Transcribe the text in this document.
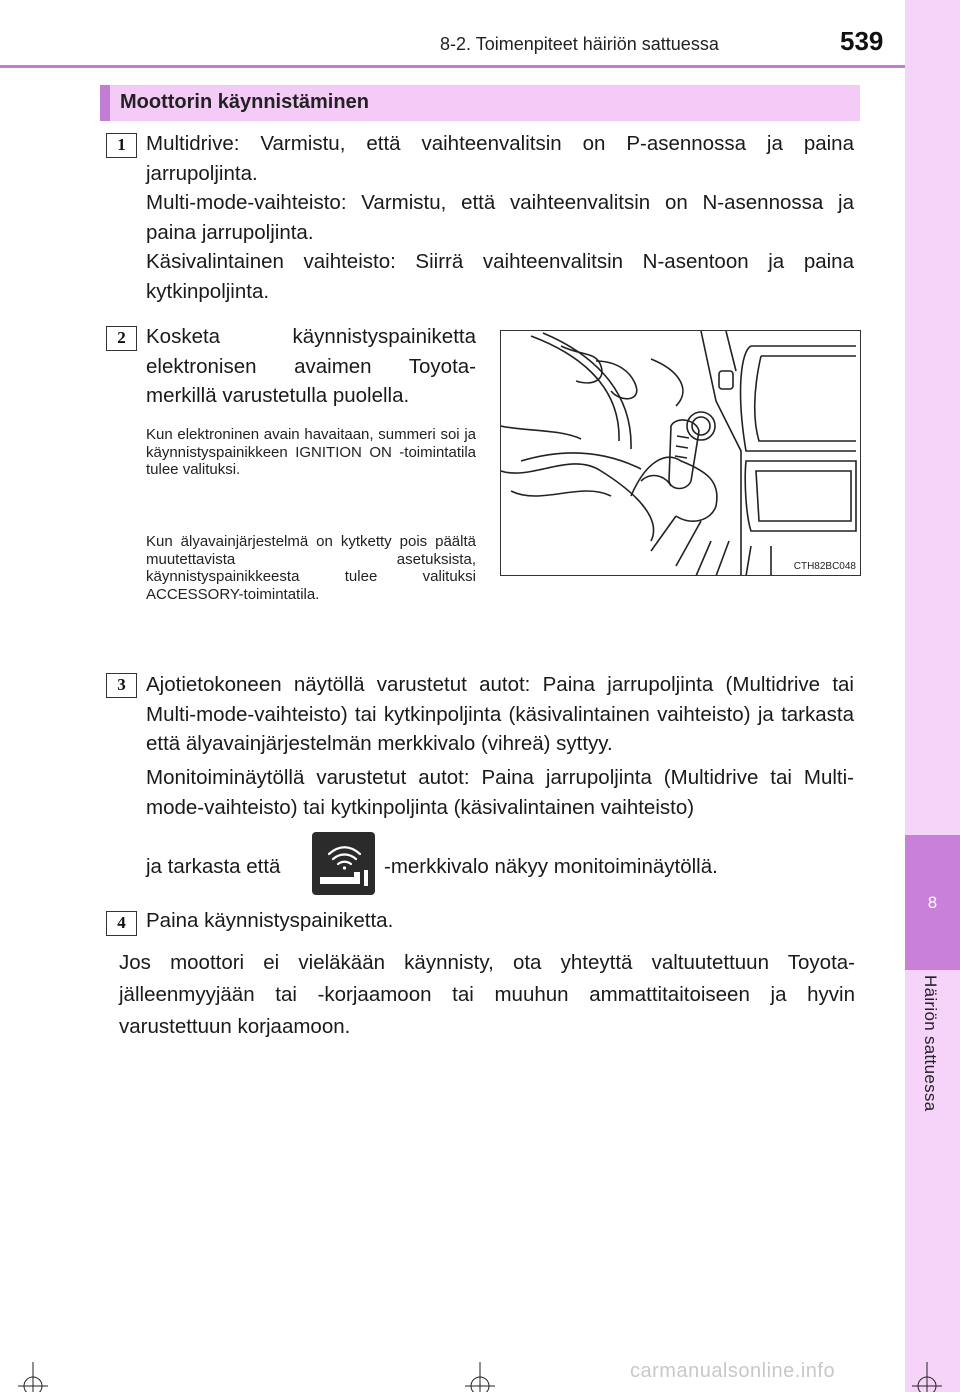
8-2. Toimenpiteet häiriön sattuessa	539
8
Häiriön sattuessa
Moottorin käynnistäminen
1 Multidrive: Varmistu, että vaihteenvalitsin on P-asennossa ja paina jarrupoljinta.

Multi-mode-vaihteisto: Varmistu, että vaihteenvalitsin on N-asennossa ja paina jarrupoljinta.

Käsivalintainen vaihteisto: Siirrä vaihteenvalitsin N-asentoon ja paina kytkinpoljinta.

2 Kosketa käynnistyspainiketta elektronisen avaimen Toyota-merkillä varustetulla puolella.
Kun elektroninen avain havaitaan, summeri soi ja käynnistyspainikkeen IGNITION ON -toimintatila tulee valituksi.
Kun älyavainjärjestelmä on kytketty pois päältä muutettavista asetuksista, käynnistyspainikkeesta tulee valituksi ACCESSORY-toimintatila.
CTH82BC048
3 Ajotietokoneen näytöllä varustetut autot: Paina jarrupoljinta (Multidrive tai Multi-mode-vaihteisto) tai kytkinpoljinta (käsivalintainen vaihteisto) ja tarkasta että älyavainjärjestelmän merkkivalo (vihreä) syttyy.
Monitoiminäytöllä varustetut autot: Paina jarrupoljinta (Multidrive tai Multi-mode-vaihteisto) tai kytkinpoljinta (käsivalintainen vaihteisto)
ja tarkasta että	-merkkivalo näkyy monitoiminäytöllä.
4 Paina käynnistyspainiketta.
Jos moottori ei vieläkään käynnisty, ota yhteyttä valtuutettuun Toyota-jälleenmyyjään tai -korjaamoon tai muuhun ammattitaitoiseen ja hyvin varustettuun korjaamoon.
carmanualsonline.info
